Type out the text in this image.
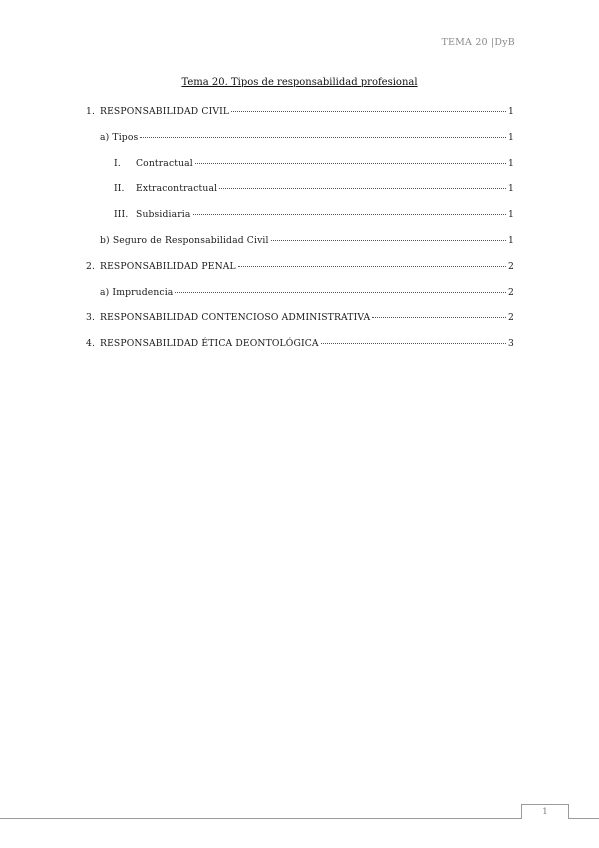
TEMA 20 |DyB
Tema 20. Tipos de responsabilidad profesional
1. RESPONSABILIDAD CIVIL	1
a) Tipos	1
I.	Contractual	1
II.	Extracontractual	1
III. Subsidiaria	1
b) Seguro de Responsabilidad Civil	1
2. RESPONSABILIDAD PENAL	2
a) Imprudencia	2
3. RESPONSABILIDAD CONTENCIOSO ADMINISTRATIVA	2
4. RESPONSABILIDAD ÉTICA DEONTOLÓGICA	3
1
